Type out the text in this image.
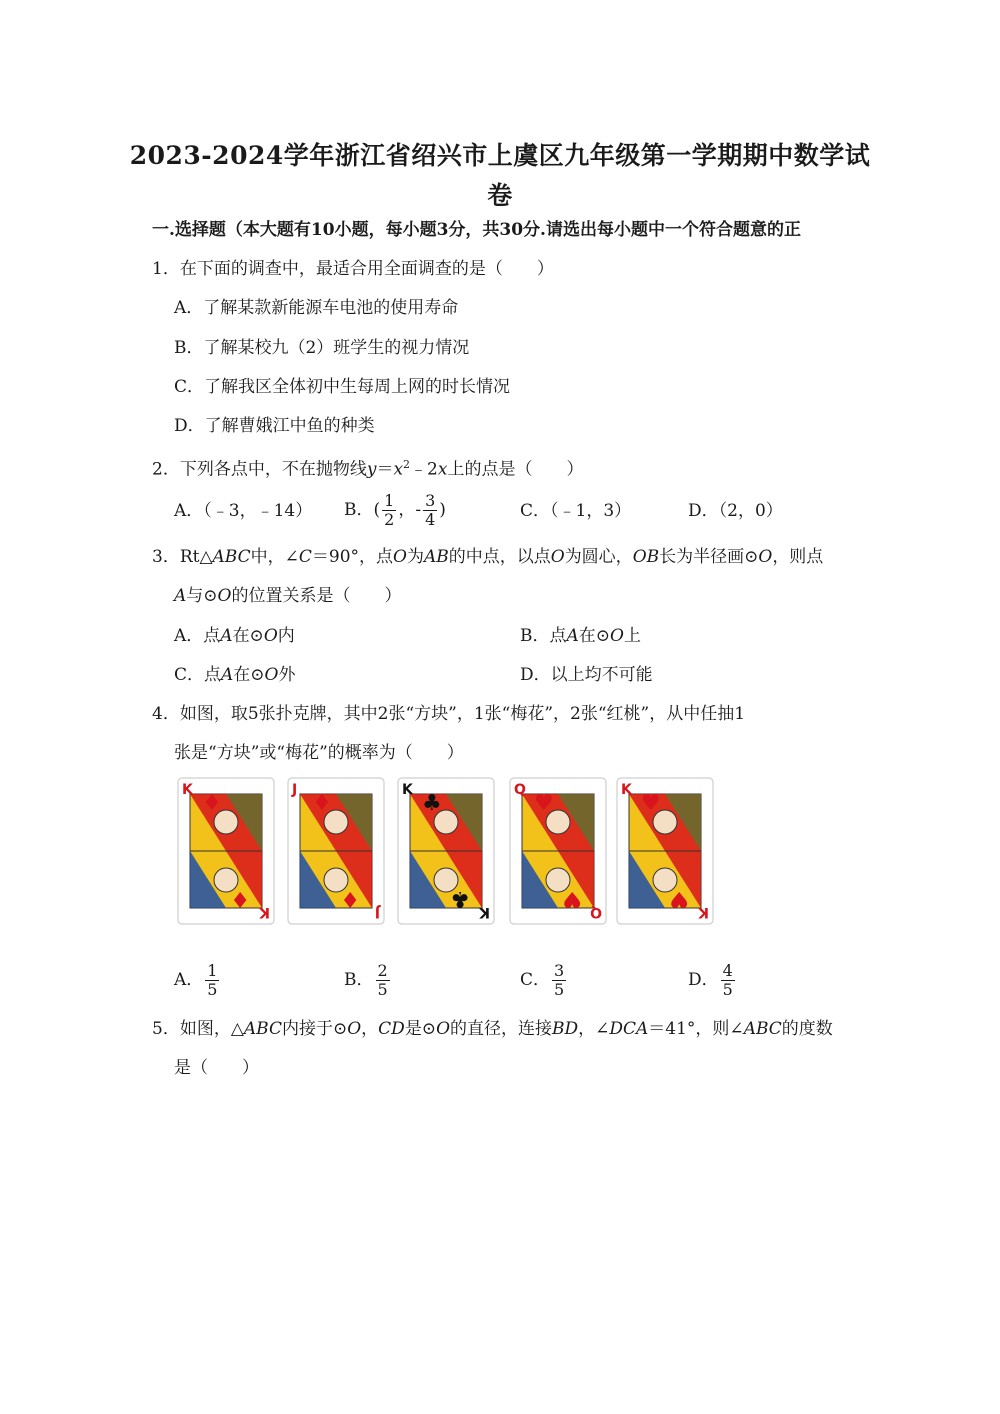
2023-2024学年浙江省绍兴市上虞区九年级第一学期期中数学试
卷
一.选择题（本大题有10小题，每小题3分，共30分.请选出每小题中一个符合题意的正
1．在下面的调查中，最适合用全面调查的是（　　）
A．了解某款新能源车电池的使用寿命
B．了解某校九（2）班学生的视力情况
C．了解我区全体初中生每周上网的时长情况
D．了解曹娥江中鱼的种类
2．下列各点中，不在抛物线$y=x^2﹣2x$上的点是（　　）
A．（﹣3，﹣14） B．( $\frac{1}{2}$ ，- $\frac{3}{4}$ )	C．（﹣1，3）	D．（2，0）
3．Rt△ABC中，∠C＝90°，点O为AB的中点，以点O为圆心，OB长为半径画⊙O，则点
A与⊙O的位置关系是（　　）
A．点A在⊙O内	B．点A在⊙O上
C．点A在⊙O外	D．以上均不可能
4．如图，取5张扑克牌，其中2张“方块”，1张“梅花”，2张“红桃”，从中任抽1
张是“方块”或“梅花”的概率为（　　）
K
♦
K
♦
J
♦
J
♦
K
♣
K
♣
Q
♥
Q
♥
K
♥
K
♥
A． $\frac{1}{5}$	B． $\frac{2}{5}$	C． $\frac{3}{5}$	D． $\frac{4}{5}$
5．如图，△ABC内接于⊙O，CD是⊙O的直径，连接BD，∠DCA＝41°，则∠ABC的度数
是（　　）
